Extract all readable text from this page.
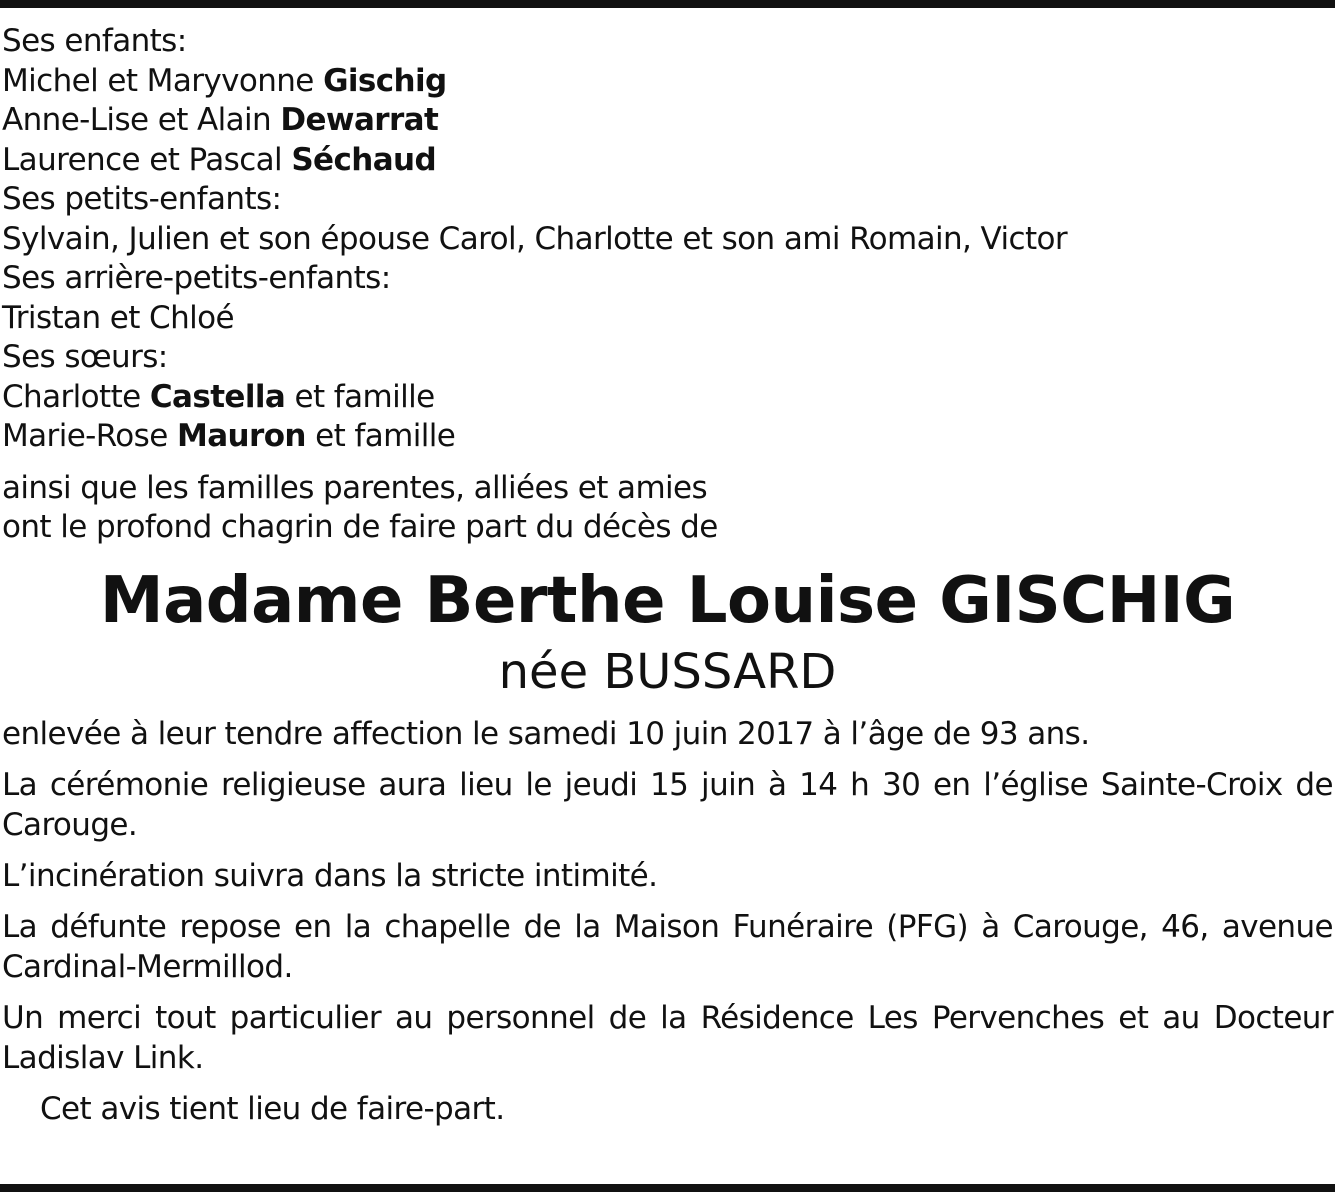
Ses enfants:
Michel et Maryvonne Gischig
Anne-Lise et Alain Dewarrat
Laurence et Pascal Séchaud
Ses petits-enfants:
Sylvain, Julien et son épouse Carol, Charlotte et son ami Romain, Victor
Ses arrière-petits-enfants:
Tristan et Chloé
Ses sœurs:
Charlotte Castella et famille
Marie-Rose Mauron et famille
ainsi que les familles parentes, alliées et amies
ont le profond chagrin de faire part du décès de
Madame Berthe Louise GISCHIG
née BUSSARD
enlevée à leur tendre affection le samedi 10 juin 2017 à l’âge de 93 ans.
La cérémonie religieuse aura lieu le jeudi 15 juin à 14 h 30 en l’église Sainte-Croix de Carouge.
L’incinération suivra dans la stricte intimité.
La défunte repose en la chapelle de la Maison Funéraire (PFG) à Carouge, 46, avenue Cardinal-Mermillod.
Un merci tout particulier au personnel de la Résidence Les Pervenches et au Docteur Ladislav Link.
Cet avis tient lieu de faire-part.
